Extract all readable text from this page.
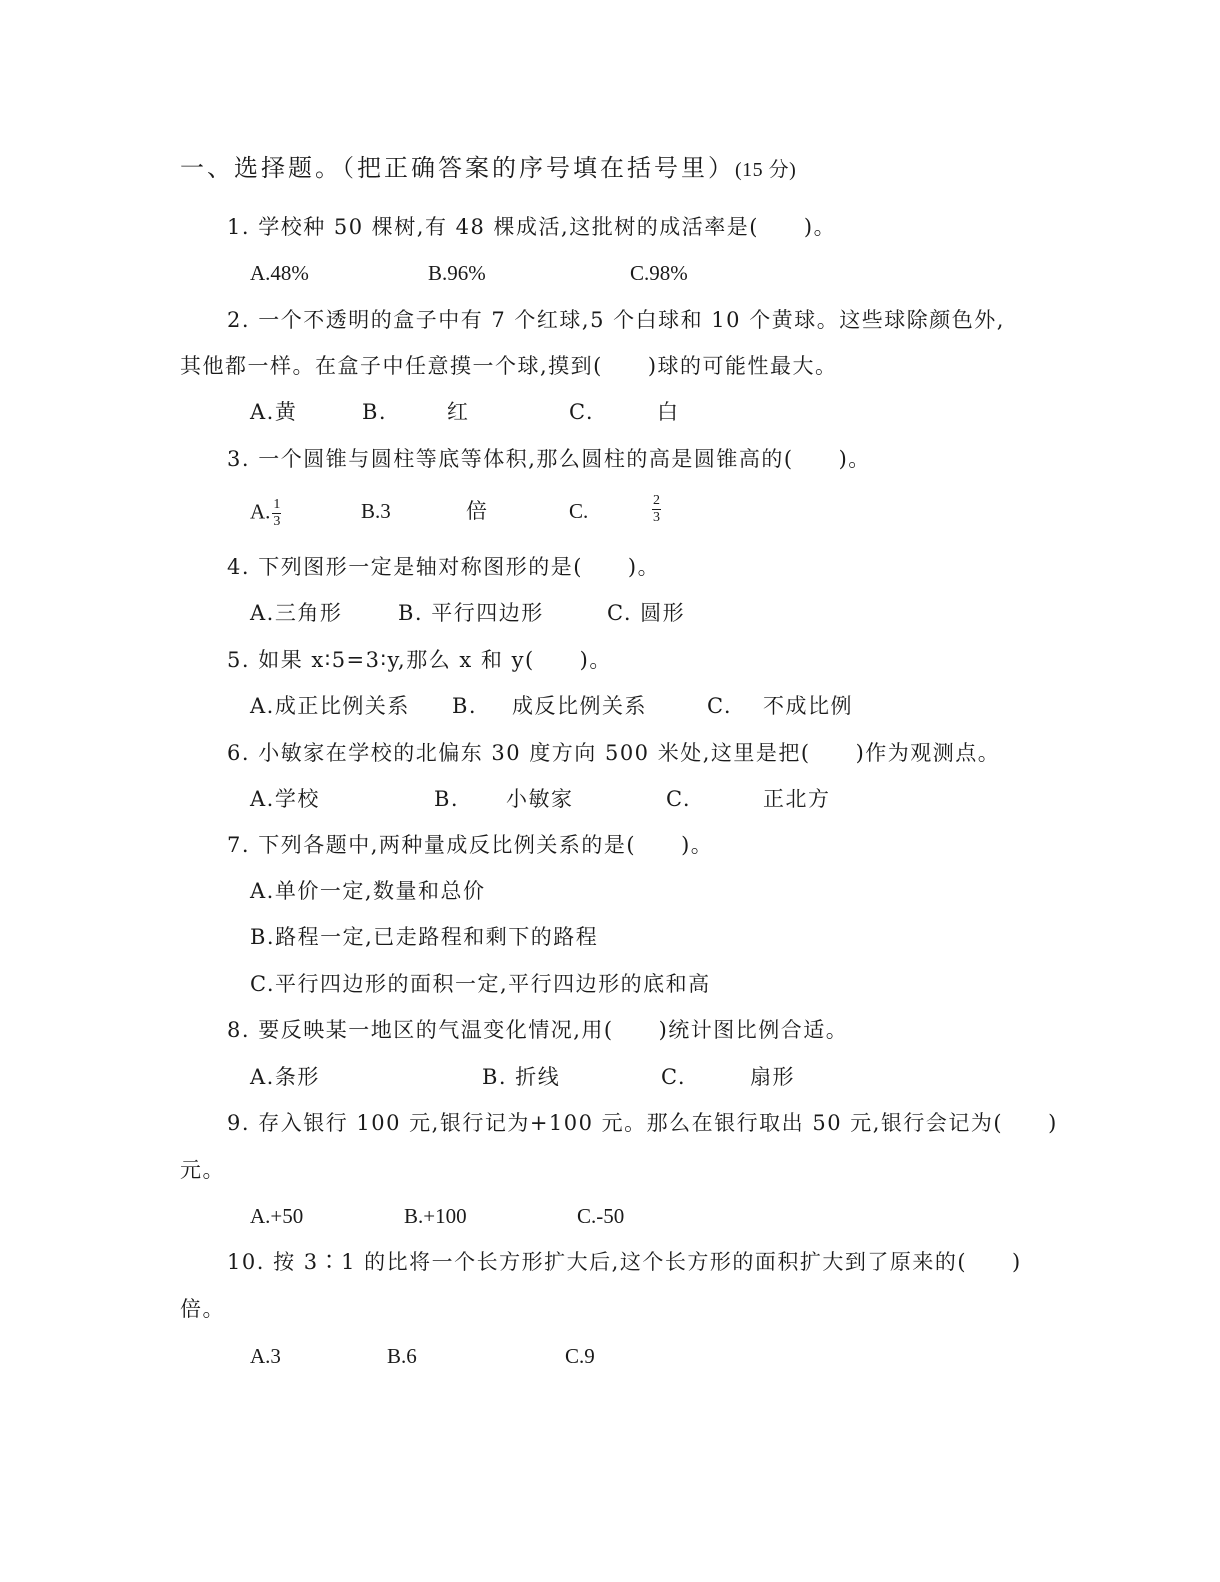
一、选择题。（把正确答案的序号填在括号里）(15 分)
1. 学校种 50 棵树,有 48 棵成活,这批树的成活率是(　　)。
A.48%	B.96%	C.98%
2. 一个不透明的盒子中有 7 个红球,5 个白球和 10 个黄球。这些球除颜色外,
其他都一样。在盒子中任意摸一个球,摸到(　　)球的可能性最大。
A.黄	B.	红	C.	白
3. 一个圆锥与圆柱等底等体积,那么圆柱的高是圆锥高的(　　)。
A. $\frac{1}{3}$	B.3	倍	C.	$\frac{2}{3}$
4. 下列图形一定是轴对称图形的是(　　)。
A.三角形	B. 平行四边形	C. 圆形
5. 如果 x∶5=3∶y,那么 x 和 y(　　)。
A.成正比例关系 B. 成反比例关系	C. 不成比例
6. 小敏家在学校的北偏东 30 度方向 500 米处,这里是把(　　)作为观测点。
A.学校	B. 小敏家	C.	正北方
7. 下列各题中,两种量成反比例关系的是(　　)。
A.单价一定,数量和总价
B.路程一定,已走路程和剩下的路程
C.平行四边形的面积一定,平行四边形的底和高
8. 要反映某一地区的气温变化情况,用(　　)统计图比例合适。
A.条形	B. 折线	C.	扇形
9. 存入银行 100 元,银行记为+100 元。那么在银行取出 50 元,银行会记为(　　)
元。
A.+50	B.+100	C.-50
10. 按 3∶1 的比将一个长方形扩大后,这个长方形的面积扩大到了原来的(　　)
倍。
A.3	B.6	C.9
